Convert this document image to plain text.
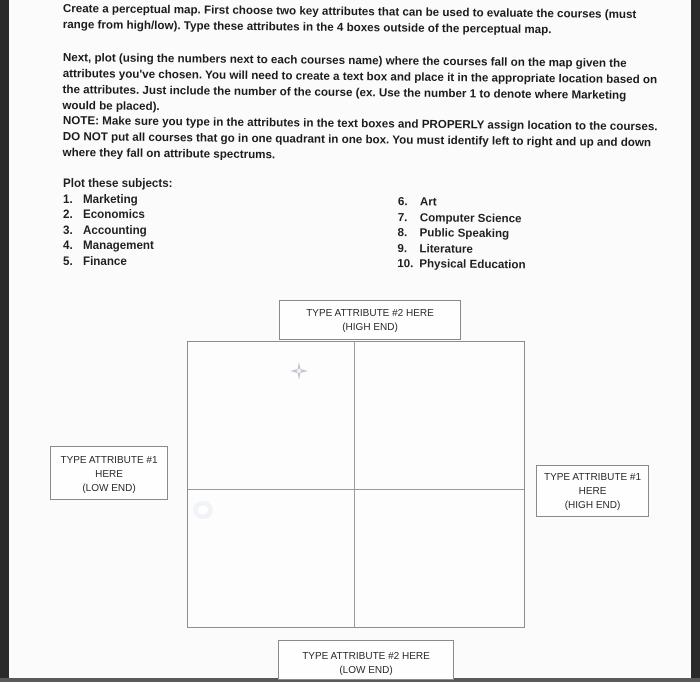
Create a perceptual map. First choose two key attributes that can be used to evaluate the courses (must range from high/low). Type these attributes in the 4 boxes outside of the perceptual map.
Next, plot (using the numbers next to each courses name) where the courses fall on the map given the attributes you've chosen. You will need to create a text box and place it in the appropriate location based on the attributes. Just include the number of the course (ex. Use the number 1 to denote where Marketing would be placed).
NOTE: Make sure you type in the attributes in the text boxes and PROPERLY assign location to the courses. DO NOT put all courses that go in one quadrant in one box. You must identify left to right and up and down where they fall on attribute spectrums.
Plot these subjects:
1. Marketing
2. Economics
3. Accounting
4. Management
5. Finance
6.	Art
7.	Computer Science
8.	Public Speaking
9.	Literature
10. Physical Education
TYPE ATTRIBUTE #2 HERE
(HIGH END)
TYPE ATTRIBUTE #1
HERE
(LOW END)
TYPE ATTRIBUTE #1
HERE
(HIGH END)
TYPE ATTRIBUTE #2 HERE
(LOW END)
